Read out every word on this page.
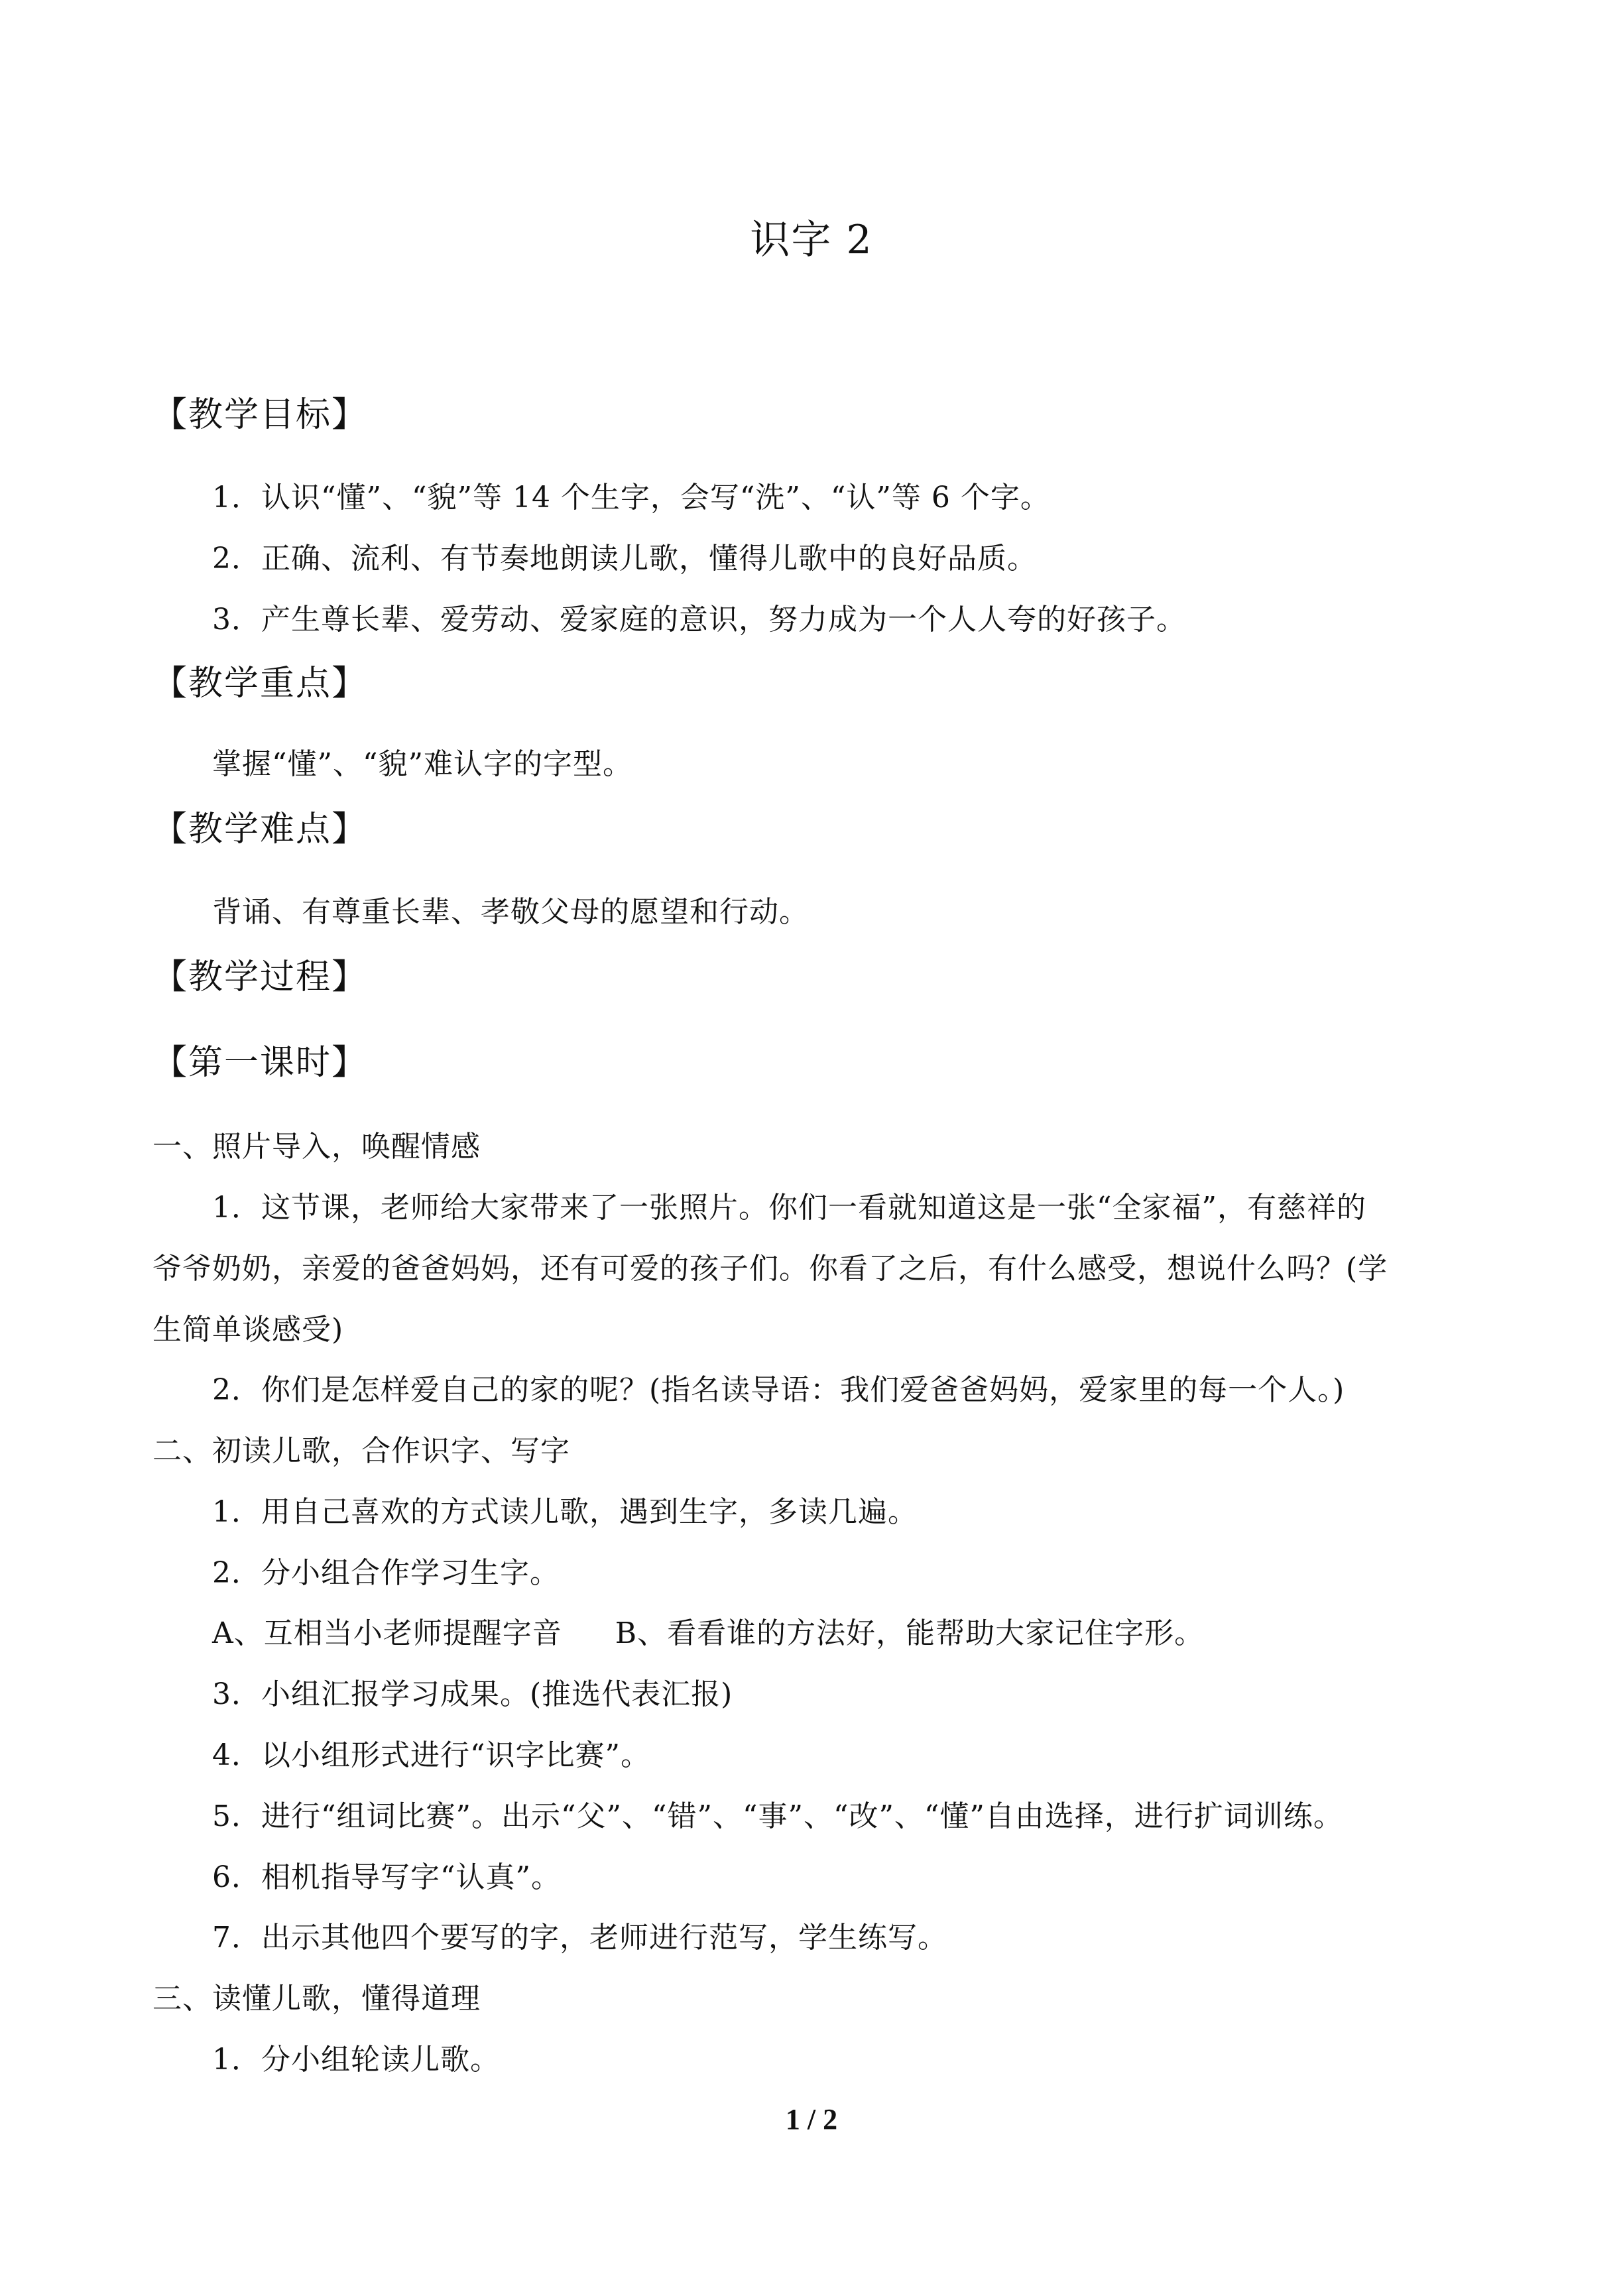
识字 2
【教学目标】
1．认识“懂”、“貌”等 14 个生字，会写“洗”、“认”等 6 个字。
2．正确、流利、有节奏地朗读儿歌，懂得儿歌中的良好品质。
3．产生尊长辈、爱劳动、爱家庭的意识，努力成为一个人人夸的好孩子。
【教学重点】
掌握“懂”、“貌”难认字的字型。
【教学难点】
背诵、有尊重长辈、孝敬父母的愿望和行动。
【教学过程】
【第一课时】
一、照片导入，唤醒情感
1．这节课，老师给大家带来了一张照片。你们一看就知道这是一张“全家福”，有慈祥的
爷爷奶奶，亲爱的爸爸妈妈，还有可爱的孩子们。你看了之后，有什么感受，想说什么吗？(学
生简单谈感受)
2．你们是怎样爱自己的家的呢？(指名读导语：我们爱爸爸妈妈，爱家里的每一个人。)
二、初读儿歌，合作识字、写字
1．用自己喜欢的方式读儿歌，遇到生字，多读几遍。
2．分小组合作学习生字。
A、互相当小老师提醒字音 B、看看谁的方法好，能帮助大家记住字形。
3．小组汇报学习成果。(推选代表汇报)
4．以小组形式进行“识字比赛”。
5．进行“组词比赛”。出示“父”、“错”、“事”、“改”、“懂”自由选择，进行扩词训练。
6．相机指导写字“认真”。
7．出示其他四个要写的字，老师进行范写，学生练写。
三、读懂儿歌，懂得道理
1．分小组轮读儿歌。
1 / 2
